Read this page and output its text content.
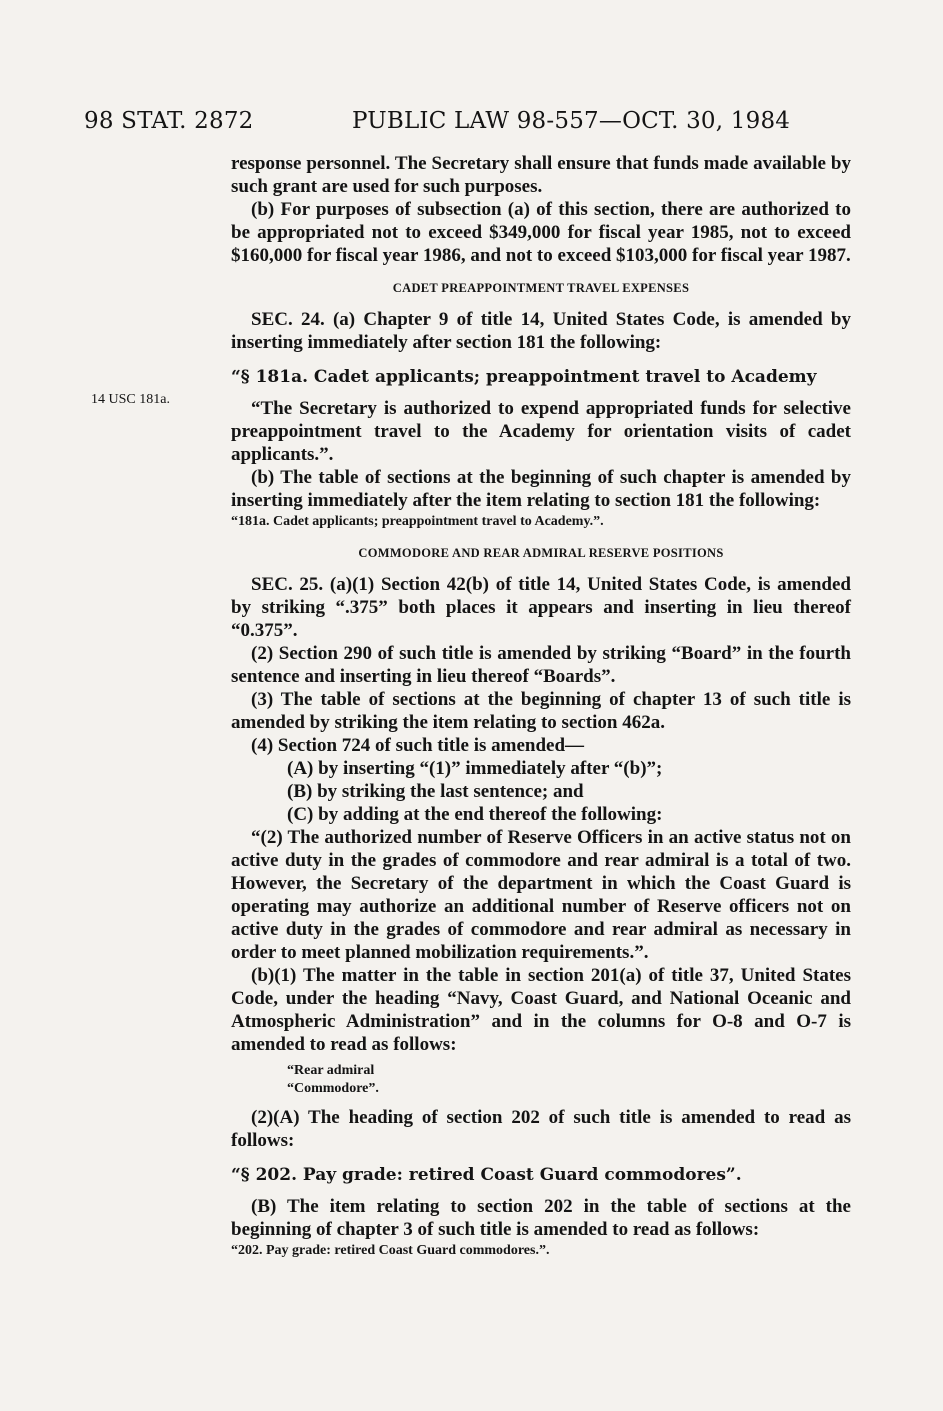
98 STAT. 2872	PUBLIC LAW 98-557—OCT. 30, 1984
14 USC 181a.

response personnel. The Secretary shall ensure that funds made available by such grant are used for such purposes.

(b) For purposes of subsection (a) of this section, there are authorized to be appropriated not to exceed $349,000 for fiscal year 1985, not to exceed $160,000 for fiscal year 1986, and not to exceed $103,000 for fiscal year 1987.

CADET PREAPPOINTMENT TRAVEL EXPENSES

SEC. 24. (a) Chapter 9 of title 14, United States Code, is amended by inserting immediately after section 181 the following:

“§ 181a. Cadet applicants; preappointment travel to Academy

“The Secretary is authorized to expend appropriated funds for selective preappointment travel to the Academy for orientation visits of cadet applicants.”.

(b) The table of sections at the beginning of such chapter is amended by inserting immediately after the item relating to section 181 the following:

“181a. Cadet applicants; preappointment travel to Academy.”.

COMMODORE AND REAR ADMIRAL RESERVE POSITIONS

SEC. 25. (a)(1) Section 42(b) of title 14, United States Code, is amended by striking “.375” both places it appears and inserting in lieu thereof “0.375”.

(2) Section 290 of such title is amended by striking “Board” in the fourth sentence and inserting in lieu thereof “Boards”.

(3) The table of sections at the beginning of chapter 13 of such title is amended by striking the item relating to section 462a.

(4) Section 724 of such title is amended—

(A) by inserting “(1)” immediately after “(b)”;

(B) by striking the last sentence; and

(C) by adding at the end thereof the following:

“(2) The authorized number of Reserve Officers in an active status not on active duty in the grades of commodore and rear admiral is a total of two. However, the Secretary of the department in which the Coast Guard is operating may authorize an additional number of Reserve officers not on active duty in the grades of commodore and rear admiral as necessary in order to meet planned mobilization requirements.”.

(b)(1) The matter in the table in section 201(a) of title 37, United States Code, under the heading “Navy, Coast Guard, and National Oceanic and Atmospheric Administration” and in the columns for O-8 and O-7 is amended to read as follows:

“Rear admiral
“Commodore”.

(2)(A) The heading of section 202 of such title is amended to read as follows:

“§ 202. Pay grade: retired Coast Guard commodores”.

(B) The item relating to section 202 in the table of sections at the beginning of chapter 3 of such title is amended to read as follows:

“202. Pay grade: retired Coast Guard commodores.”.
